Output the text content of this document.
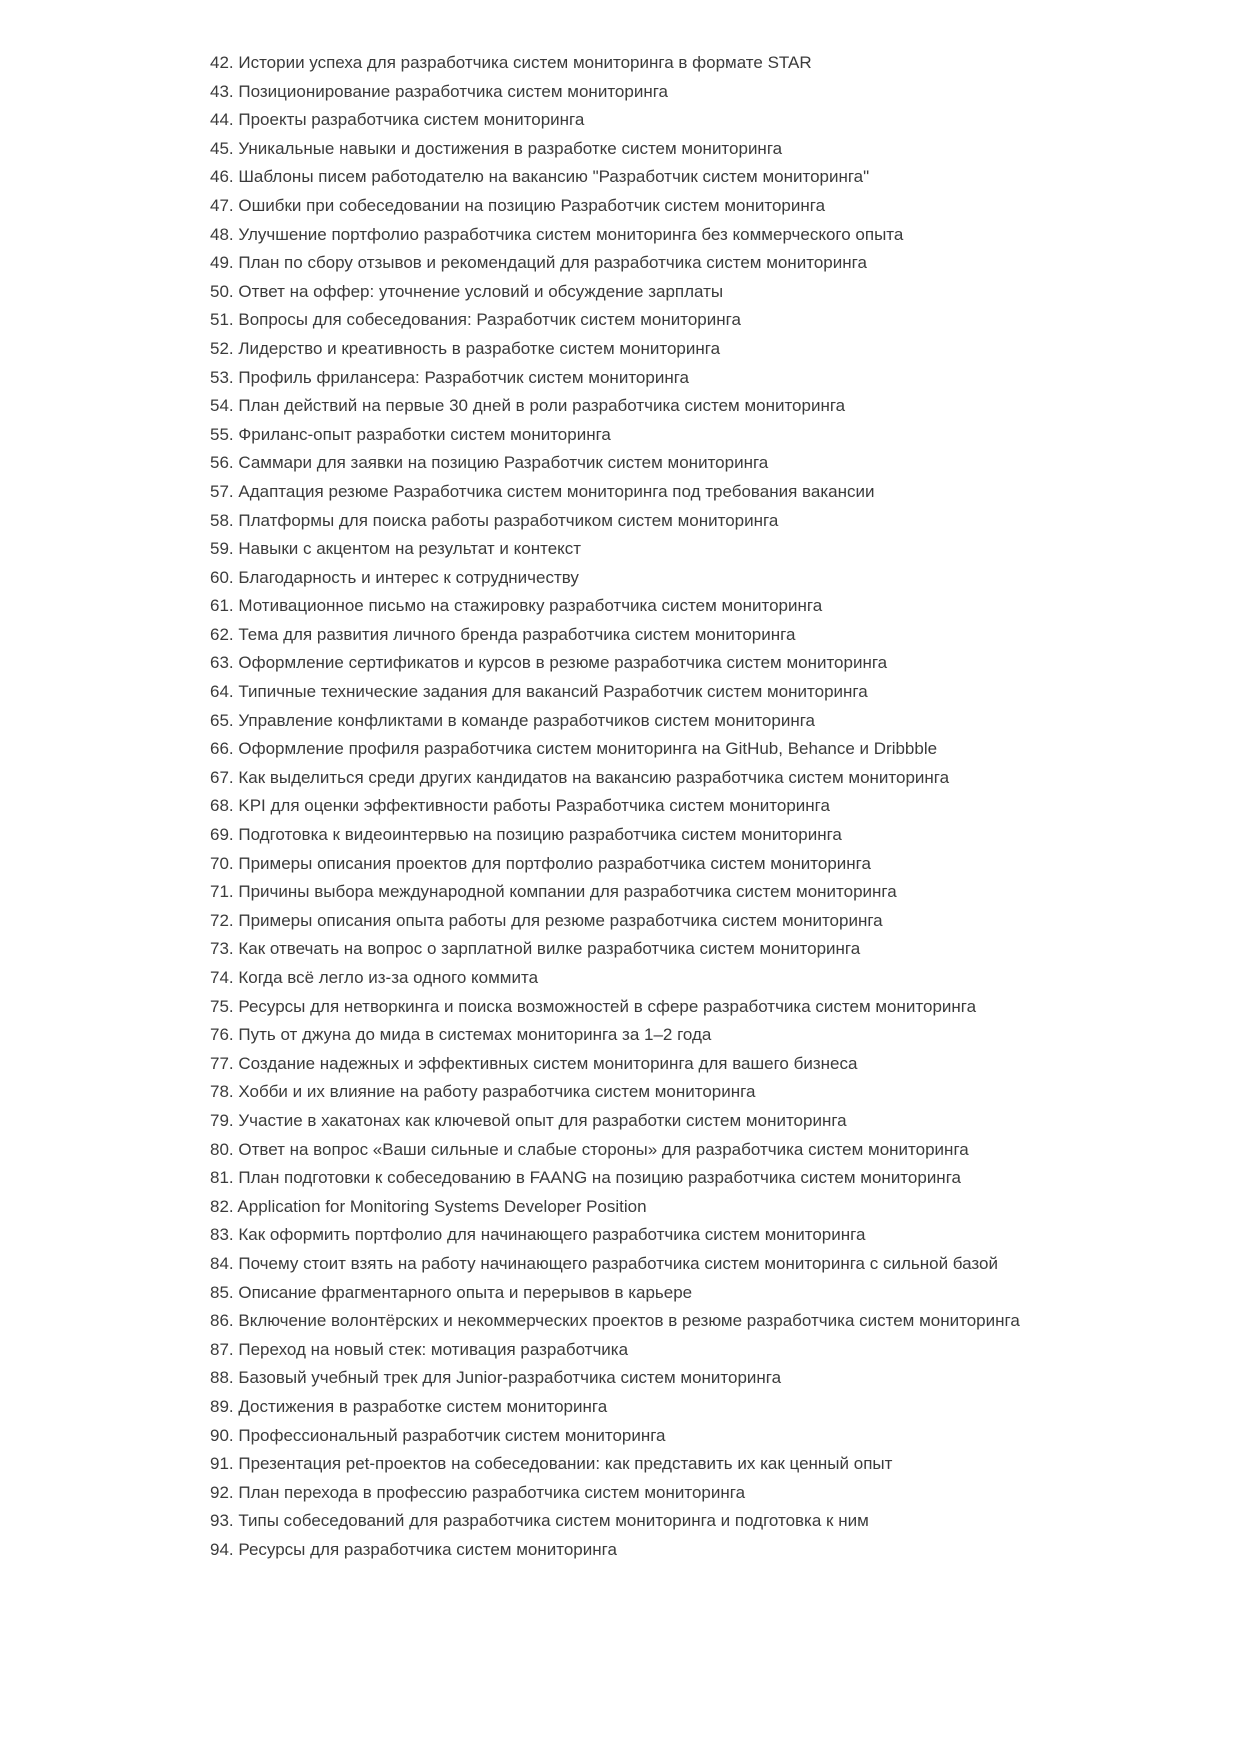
42. Истории успеха для разработчика систем мониторинга в формате STAR

43. Позиционирование разработчика систем мониторинга

44. Проекты разработчика систем мониторинга

45. Уникальные навыки и достижения в разработке систем мониторинга

46. Шаблоны писем работодателю на вакансию "Разработчик систем мониторинга"

47. Ошибки при собеседовании на позицию Разработчик систем мониторинга

48. Улучшение портфолио разработчика систем мониторинга без коммерческого опыта

49. План по сбору отзывов и рекомендаций для разработчика систем мониторинга

50. Ответ на оффер: уточнение условий и обсуждение зарплаты

51. Вопросы для собеседования: Разработчик систем мониторинга

52. Лидерство и креативность в разработке систем мониторинга

53. Профиль фрилансера: Разработчик систем мониторинга

54. План действий на первые 30 дней в роли разработчика систем мониторинга

55. Фриланс-опыт разработки систем мониторинга

56. Саммари для заявки на позицию Разработчик систем мониторинга

57. Адаптация резюме Разработчика систем мониторинга под требования вакансии

58. Платформы для поиска работы разработчиком систем мониторинга

59. Навыки с акцентом на результат и контекст

60. Благодарность и интерес к сотрудничеству

61. Мотивационное письмо на стажировку разработчика систем мониторинга

62. Тема для развития личного бренда разработчика систем мониторинга

63. Оформление сертификатов и курсов в резюме разработчика систем мониторинга

64. Типичные технические задания для вакансий Разработчик систем мониторинга

65. Управление конфликтами в команде разработчиков систем мониторинга

66. Оформление профиля разработчика систем мониторинга на GitHub, Behance и Dribbble

67. Как выделиться среди других кандидатов на вакансию разработчика систем мониторинга

68. KPI для оценки эффективности работы Разработчика систем мониторинга

69. Подготовка к видеоинтервью на позицию разработчика систем мониторинга

70. Примеры описания проектов для портфолио разработчика систем мониторинга

71. Причины выбора международной компании для разработчика систем мониторинга

72. Примеры описания опыта работы для резюме разработчика систем мониторинга

73. Как отвечать на вопрос о зарплатной вилке разработчика систем мониторинга

74. Когда всё легло из-за одного коммита

75. Ресурсы для нетворкинга и поиска возможностей в сфере разработчика систем мониторинга

76. Путь от джуна до мида в системах мониторинга за 1–2 года

77. Создание надежных и эффективных систем мониторинга для вашего бизнеса

78. Хобби и их влияние на работу разработчика систем мониторинга

79. Участие в хакатонах как ключевой опыт для разработки систем мониторинга

80. Ответ на вопрос «Ваши сильные и слабые стороны» для разработчика систем мониторинга

81. План подготовки к собеседованию в FAANG на позицию разработчика систем мониторинга

82. Application for Monitoring Systems Developer Position

83. Как оформить портфолио для начинающего разработчика систем мониторинга

84. Почему стоит взять на работу начинающего разработчика систем мониторинга с сильной базой

85. Описание фрагментарного опыта и перерывов в карьере

86. Включение волонтёрских и некоммерческих проектов в резюме разработчика систем мониторинга

87. Переход на новый стек: мотивация разработчика

88. Базовый учебный трек для Junior-разработчика систем мониторинга

89. Достижения в разработке систем мониторинга

90. Профессиональный разработчик систем мониторинга

91. Презентация pet-проектов на собеседовании: как представить их как ценный опыт

92. План перехода в профессию разработчика систем мониторинга

93. Типы собеседований для разработчика систем мониторинга и подготовка к ним

94. Ресурсы для разработчика систем мониторинга
